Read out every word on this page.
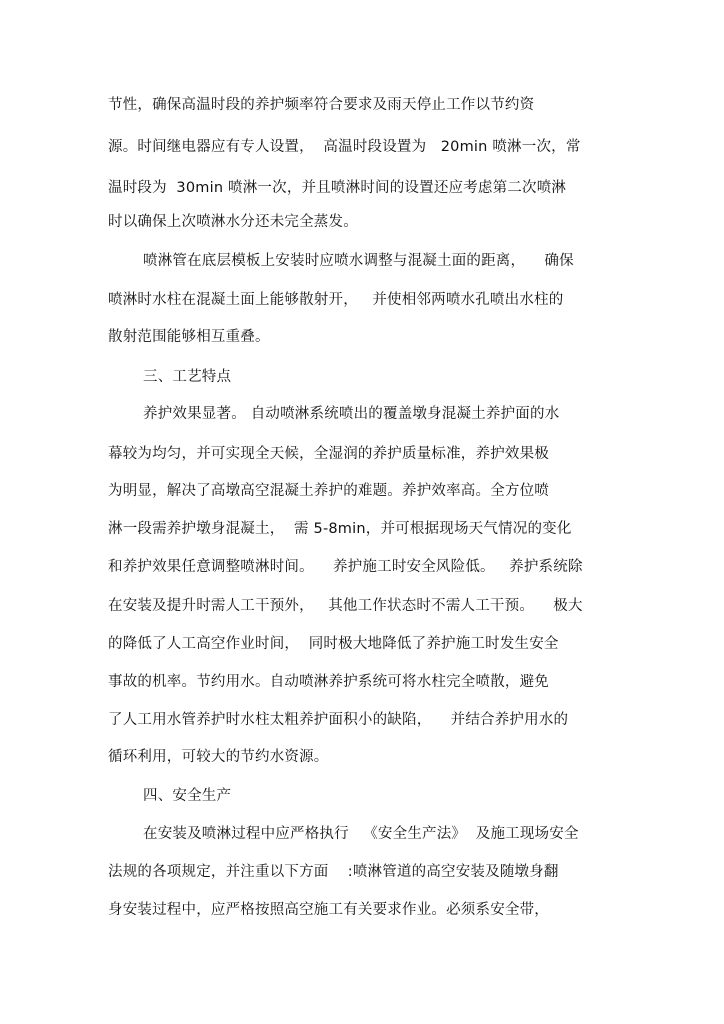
节性，确保高温时段的养护频率符合要求及雨天停止工作以节约资
源。时间继电器应有专人设置，  高温时段设置为   20min 喷淋一次，常
温时段为  30min 喷淋一次，并且喷淋时间的设置还应考虑第二次喷淋
时以确保上次喷淋水分还未完全蒸发。
喷淋管在底层模板上安装时应喷水调整与混凝土面的距离，    确保
喷淋时水柱在混凝土面上能够散射开，   并使相邻两喷水孔喷出水柱的
散射范围能够相互重叠。
三、工艺特点
养护效果显著。 自动喷淋系统喷出的覆盖墩身混凝土养护面的水
幕较为均匀，并可实现全天候，全湿润的养护质量标准，养护效果极
为明显，解决了高墩高空混凝土养护的难题。养护效率高。全方位喷
淋一段需养护墩身混凝土，  需 5-8min，并可根据现场天气情况的变化
和养护效果任意调整喷淋时间。    养护施工时安全风险低。   养护系统除
在安装及提升时需人工干预外，   其他工作状态时不需人工干预。    极大
的降低了人工高空作业时间，  同时极大地降低了养护施工时发生安全
事故的机率。节约用水。自动喷淋养护系统可将水柱完全喷散，避免
了人工用水管养护时水柱太粗养护面积小的缺陷，    并结合养护用水的
循环利用，可较大的节约水资源。
四、安全生产
在安装及喷淋过程中应严格执行   《安全生产法》  及施工现场安全
法规的各项规定，并注重以下方面    :喷淋管道的高空安装及随墩身翻
身安装过程中，应严格按照高空施工有关要求作业。必须系安全带，
